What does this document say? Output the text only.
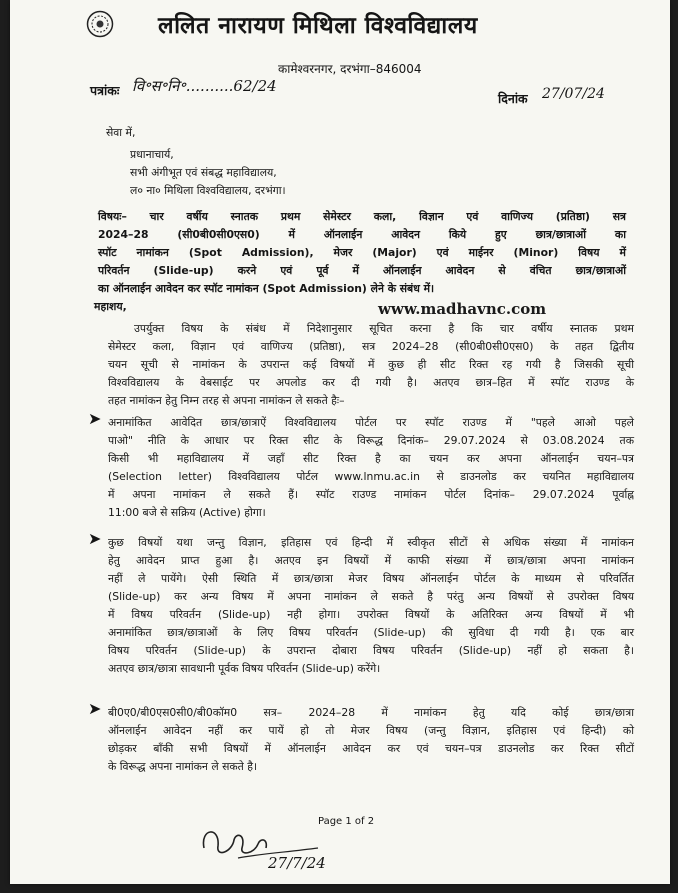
ललित नारायण मिथिला विश्वविद्यालय
कामेश्वरनगर, दरभंगा–846004
पत्रांकः वि॰स॰नि॰..........62/24
दिनांक 27/07/24
सेवा में,
प्रधानाचार्य,
सभी अंगीभूत एवं संबद्ध महाविद्यालय,
ल० ना० मिथिला विश्वविद्यालय, दरभंगा।
विषयः– चार वर्षीय स्नातक प्रथम सेमेस्टर कला, विज्ञान एवं वाणिज्य (प्रतिष्ठा) सत्र
2024–28 (सी0बी0सी0एस0) में ऑनलाईन आवेदन किये हुए छात्र/छात्राओं का
स्पॉट नामांकन (Spot Admission), मेजर (Major) एवं माईनर (Minor) विषय में
परिवर्तन (Slide-up) करने एवं पूर्व में ऑनलाईन आवेदन से वंचित छात्र/छात्राओं
का ऑनलाईन आवेदन कर स्पॉट नामांकन (Spot Admission) लेने के संबंध में।
महाशय,
उपर्युक्त विषय के संबंध में निदेशानुसार सूचित करना है कि चार वर्षीय स्नातक प्रथम
सेमेस्टर कला, विज्ञान एवं वाणिज्य (प्रतिष्ठा), सत्र 2024–28 (सी0बी0सी0एस0) के तहत द्वितीय
चयन सूची से नामांकन के उपरान्त कई विषयों में कुछ ही सीट रिक्त रह गयी है जिसकी सूची
विश्वविद्यालय के वेबसाईट पर अपलोड कर दी गयी है। अतएव छात्र–हित में स्पॉट राउण्ड के
तहत नामांकन हेतु निम्न तरह से अपना नामांकन ले सकते हैः–
➤ अनामांकित आवेदित छात्र/छात्राऐं विश्वविद्यालय पोर्टल पर स्पॉट राउण्ड में "पहले आओ पहले
पाओ" नीति के आधार पर रिक्त सीट के विरूद्ध दिनांक– 29.07.2024 से 03.08.2024 तक
किसी भी महाविद्यालय में जहाँ सीट रिक्त है का चयन कर अपना ऑनलाईन चयन–पत्र
(Selection letter) विश्वविद्यालय पोर्टल www.lnmu.ac.in से डाउनलोड कर चयनित महाविद्यालय
में अपना नामांकन ले सकते हैं। स्पॉट राउण्ड नामांकन पोर्टल दिनांक– 29.07.2024 पूर्वाह्न
11:00 बजे से सक्रिय (Active) होगा।
➤ कुछ विषयों यथा जन्तु विज्ञान, इतिहास एवं हिन्दी में स्वीकृत सीटों से अधिक संख्या में नामांकन
हेतु आवेदन प्राप्त हुआ है। अतएव इन विषयों में काफी संख्या में छात्र/छात्रा अपना नामांकन
नहीं ले पायेंगे। ऐसी स्थिति में छात्र/छात्रा मेजर विषय ऑनलाईन पोर्टल के माध्यम से परिवर्तित
(Slide-up) कर अन्य विषय में अपना नामांकन ले सकते है परंतु अन्य विषयों से उपरोक्त विषय
में विषय परिवर्तन (Slide-up) नही होगा। उपरोक्त विषयों के अतिरिक्त अन्य विषयों में भी
अनामांकित छात्र/छात्राओं के लिए विषय परिवर्तन (Slide-up) की सुविधा दी गयी है। एक बार
विषय परिवर्तन (Slide-up) के उपरान्त दोबारा विषय परिवर्तन (Slide-up) नहीं हो सकता है।
अतएव छात्र/छात्रा सावधानी पूर्वक विषय परिवर्तन (Slide-up) करेंगे।
➤ बी0ए0/बी0एस0सी0/बी0कॉम0 सत्र– 2024–28 में नामांकन हेतु यदि कोई छात्र/छात्रा
ऑनलाईन आवेदन नहीं कर पायें हो तो मेजर विषय (जन्तु विज्ञान, इतिहास एवं हिन्दी) को
छोड़कर बाँकी सभी विषयों में ऑनलाईन आवेदन कर एवं चयन–पत्र डाउनलोड कर रिक्त सीटों
के विरूद्ध अपना नामांकन ले सकते है।
www.madhavnc.com
27/7/24
Page 1 of 2
